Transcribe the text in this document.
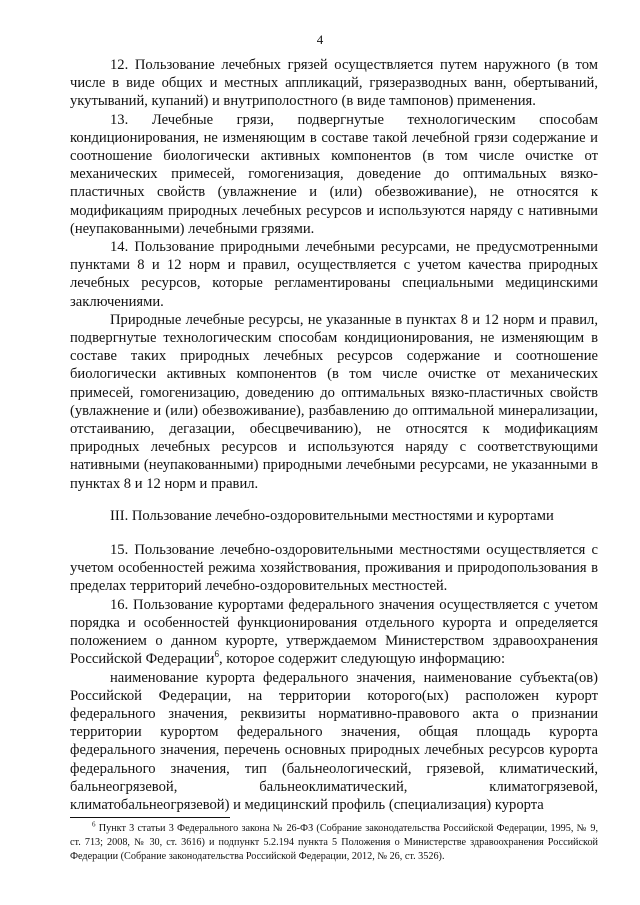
4

12. Пользование лечебных грязей осуществляется путем наружного (в том числе в виде общих и местных аппликаций, грязеразводных ванн, обертываний, укутываний, купаний) и внутриполостного (в виде тампонов) применения.

13. Лечебные грязи, подвергнутые технологическим способам кондиционирования, не изменяющим в составе такой лечебной грязи содержание и соотношение биологически активных компонентов (в том числе очистке от механических примесей, гомогенизация, доведение до оптимальных вязко-пластичных свойств (увлажнение и (или) обезвоживание), не относятся к модификациям природных лечебных ресурсов и используются наряду с нативными (неупакованными) лечебными грязями.

14. Пользование природными лечебными ресурсами, не предусмотренными пунктами 8 и 12 норм и правил, осуществляется с учетом качества природных лечебных ресурсов, которые регламентированы специальными медицинскими заключениями.

Природные лечебные ресурсы, не указанные в пунктах 8 и 12 норм и правил, подвергнутые технологическим способам кондиционирования, не изменяющим в составе таких природных лечебных ресурсов содержание и соотношение биологически активных компонентов (в том числе очистке от механических примесей, гомогенизацию, доведению до оптимальных вязко-пластичных свойств (увлажнение и (или) обезвоживание), разбавлению до оптимальной минерализации, отстаиванию, дегазации, обесцвечиванию), не относятся к модификациям природных лечебных ресурсов и используются наряду с соответствующими нативными (неупакованными) природными лечебными ресурсами, не указанными в пунктах 8 и 12 норм и правил.

III. Пользование лечебно-оздоровительными местностями и курортами

15. Пользование лечебно-оздоровительными местностями осуществляется с учетом особенностей режима хозяйствования, проживания и природопользования в пределах территорий лечебно-оздоровительных местностей.

16. Пользование курортами федерального значения осуществляется с учетом порядка и особенностей функционирования отдельного курорта и определяется положением о данном курорте, утверждаемом Министерством здравоохранения Российской Федерации$^6$, которое содержит следующую информацию:

наименование курорта федерального значения, наименование субъекта(ов) Российской Федерации, на территории которого(ых) расположен курорт федерального значения, реквизиты нормативно-правового акта о признании территории курортом федерального значения, общая площадь курорта федерального значения, перечень основных природных лечебных ресурсов курорта федерального значения, тип (бальнеологический, грязевой, климатический, бальнеогрязевой, бальнеоклиматический, климатогрязевой, климатобальнеогрязевой) и медицинский профиль (специализация) курорта

$^6$ Пункт 3 статьи 3 Федерального закона № 26-ФЗ (Собрание законодательства Российской Федерации, 1995, № 9, ст. 713; 2008, № 30, ст. 3616) и подпункт 5.2.194 пункта 5 Положения о Министерстве здравоохранения Российской Федерации (Собрание законодательства Российской Федерации, 2012, № 26, ст. 3526).
